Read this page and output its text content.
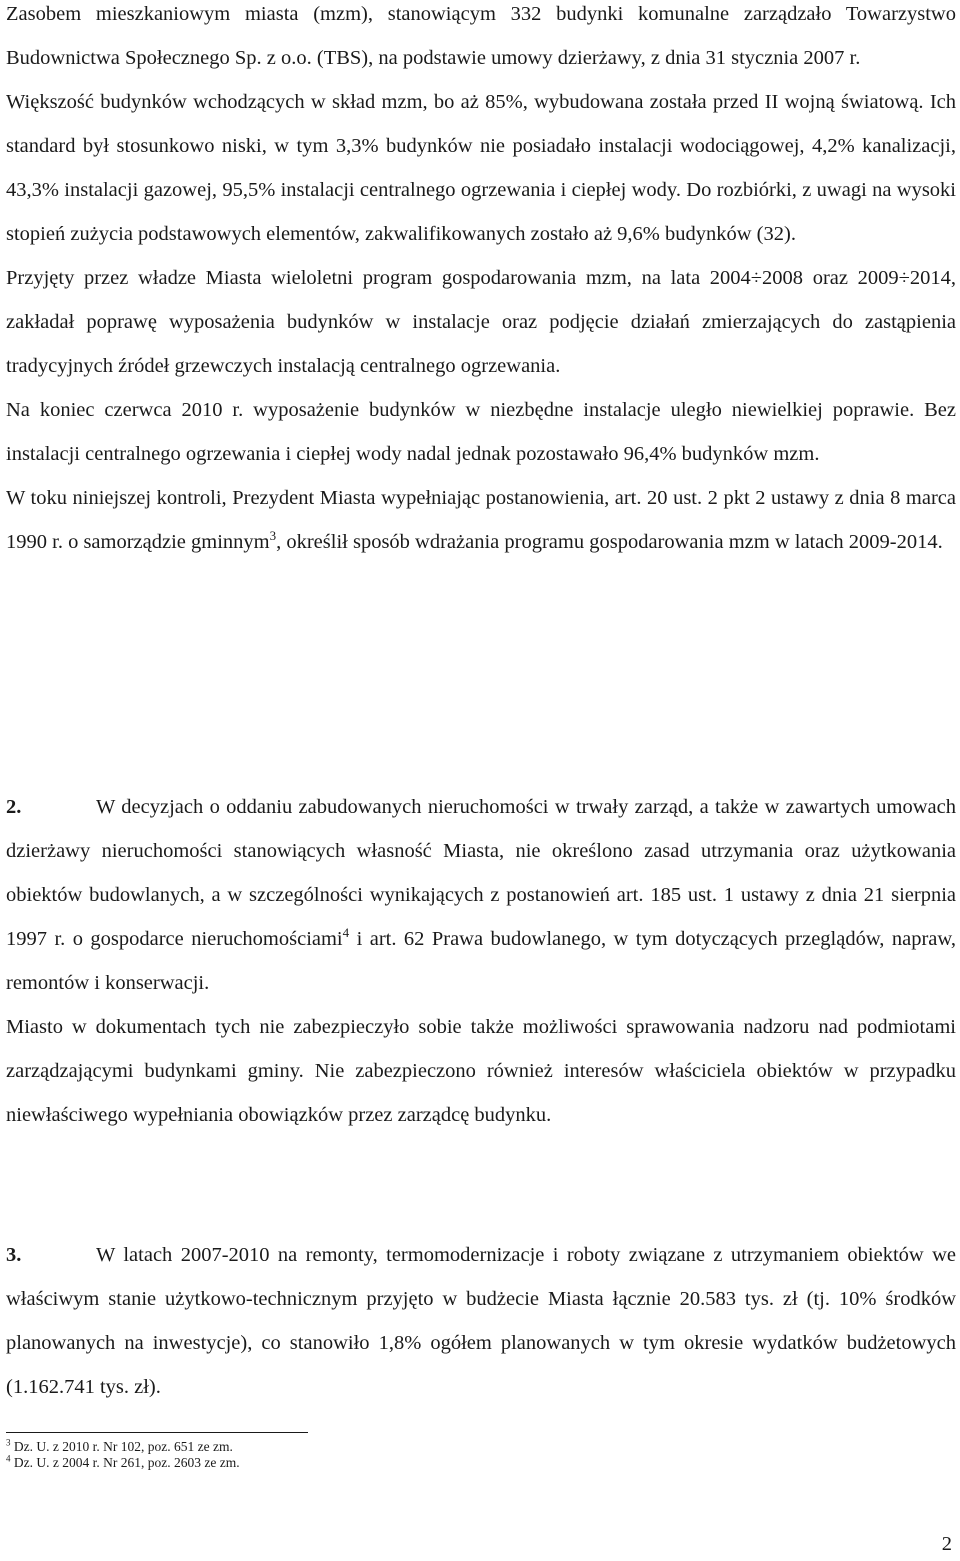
Zasobem mieszkaniowym miasta (mzm), stanowiącym 332 budynki komunalne zarządzało Towarzystwo Budownictwa Społecznego Sp. z o.o. (TBS), na podstawie umowy dzierżawy, z dnia 31 stycznia 2007 r.

Większość budynków wchodzących w skład mzm, bo aż 85%, wybudowana została przed II wojną światową. Ich standard był stosunkowo niski, w tym 3,3% budynków nie posiadało instalacji wodociągowej, 4,2% kanalizacji, 43,3% instalacji gazowej, 95,5% instalacji centralnego ogrzewania i ciepłej wody. Do rozbiórki, z uwagi na wysoki stopień zużycia podstawowych elementów, zakwalifikowanych zostało aż 9,6% budynków (32).

Przyjęty przez władze Miasta wieloletni program gospodarowania mzm, na lata 2004÷2008 oraz 2009÷2014, zakładał poprawę wyposażenia budynków w instalacje oraz podjęcie działań zmierzających do zastąpienia tradycyjnych źródeł grzewczych instalacją centralnego ogrzewania.

Na koniec czerwca 2010 r. wyposażenie budynków w niezbędne instalacje uległo niewielkiej poprawie. Bez instalacji centralnego ogrzewania i ciepłej wody nadal jednak pozostawało 96,4% budynków mzm.

W toku niniejszej kontroli, Prezydent Miasta wypełniając postanowienia, art. 20 ust. 2 pkt 2 ustawy z dnia 8 marca 1990 r. o samorządzie gminnym$^3$, określił sposób wdrażania programu gospodarowania mzm w latach 2009-2014.

2.	W decyzjach o oddaniu zabudowanych nieruchomości w trwały zarząd, a także w zawartych umowach dzierżawy nieruchomości stanowiących własność Miasta, nie określono zasad utrzymania oraz użytkowania obiektów budowlanych, a w szczególności wynikających z postanowień art. 185 ust. 1 ustawy z dnia 21 sierpnia 1997 r. o gospodarce nieruchomościami$^4$ i art. 62 Prawa budowlanego, w tym dotyczących przeglądów, napraw, remontów i konserwacji.

Miasto w dokumentach tych nie zabezpieczyło sobie także możliwości sprawowania nadzoru nad podmiotami zarządzającymi budynkami gminy. Nie zabezpieczono również interesów właściciela obiektów w przypadku niewłaściwego wypełniania obowiązków przez zarządcę budynku.

3.	W latach 2007-2010 na remonty, termomodernizacje i roboty związane z utrzymaniem obiektów we właściwym stanie użytkowo-technicznym przyjęto w budżecie Miasta łącznie 20.583 tys. zł (tj. 10% środków planowanych na inwestycje), co stanowiło 1,8% ogółem planowanych w tym okresie wydatków budżetowych (1.162.741 tys. zł).

$^3$ Dz. U. z 2010 r. Nr 102, poz. 651 ze zm.

$^4$ Dz. U. z 2004 r. Nr 261, poz. 2603 ze zm.

2
